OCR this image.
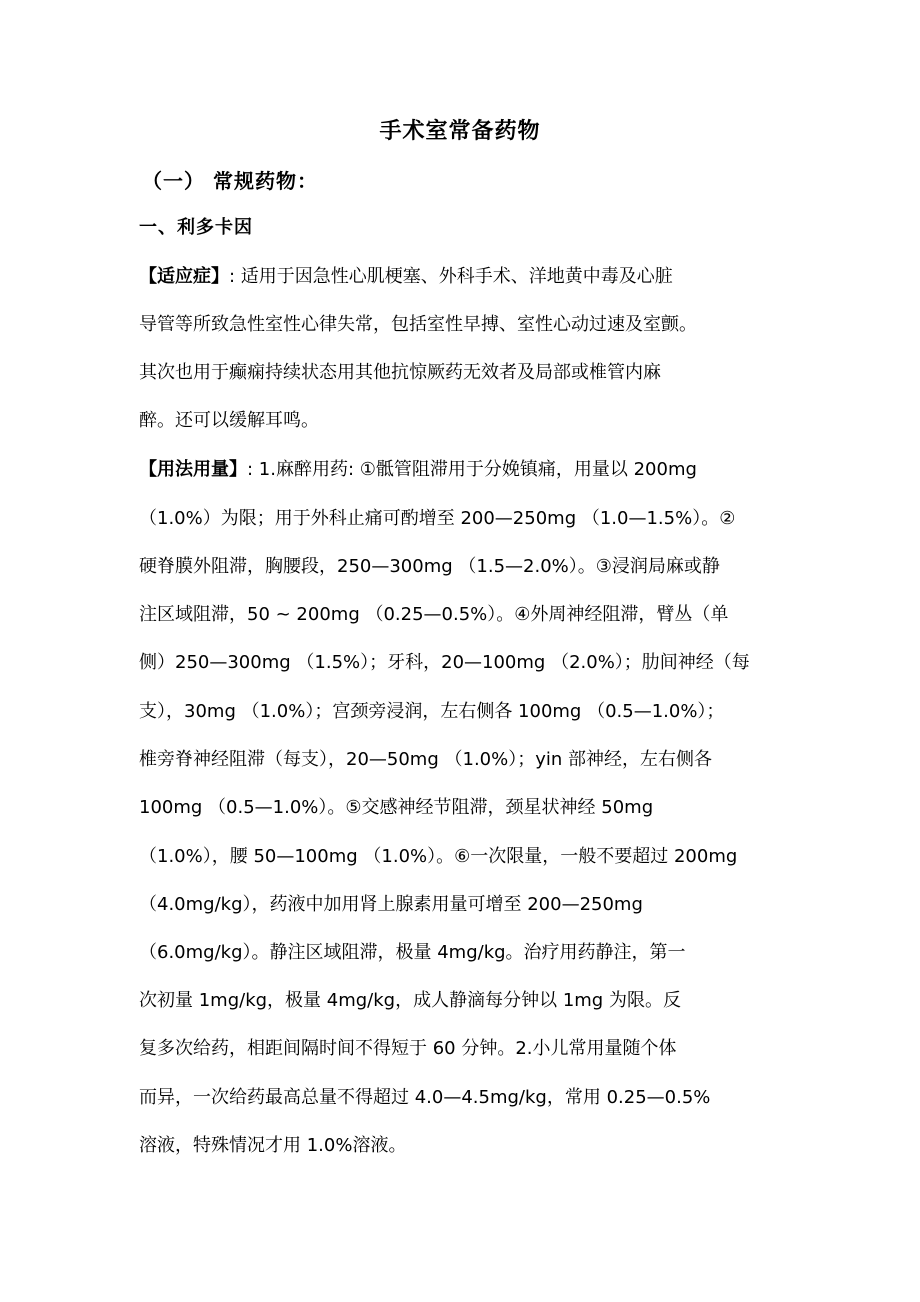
手术室常备药物
（一） 常规药物：
一、利多卡因
【适应症】: 适用于因急性心肌梗塞、外科手术、洋地黄中毒及心脏
导管等所致急性室性心律失常，包括室性早搏、室性心动过速及室颤。
其次也用于癫痫持续状态用其他抗惊厥药无效者及局部或椎管内麻
醉。还可以缓解耳鸣。
【用法用量】: 1.麻醉用药: ①骶管阻滞用于分娩镇痛，用量以 200mg
（1.0%）为限；用于外科止痛可酌增至 200—250mg （1.0—1.5%）。②
硬脊膜外阻滞，胸腰段，250—300mg （1.5—2.0%）。③浸润局麻或静
注区域阻滞，50 ~ 200mg （0.25—0.5%）。④外周神经阻滞，臂丛（单
侧）250—300mg （1.5%）；牙科，20—100mg （2.0%）；肋间神经（每
支），30mg （1.0%）；宫颈旁浸润，左右侧各 100mg （0.5—1.0%）；
椎旁脊神经阻滞（每支），20—50mg （1.0%）；yin 部神经，左右侧各
100mg （0.5—1.0%）。⑤交感神经节阻滞，颈星状神经 50mg
（1.0%），腰 50—100mg （1.0%）。⑥一次限量，一般不要超过 200mg
（4.0mg/kg），药液中加用肾上腺素用量可增至 200—250mg
（6.0mg/kg）。静注区域阻滞，极量 4mg/kg。治疗用药静注，第一
次初量 1mg/kg，极量 4mg/kg，成人静滴每分钟以 1mg 为限。反
复多次给药，相距间隔时间不得短于 60 分钟。2.小儿常用量随个体
而异，一次给药最高总量不得超过 4.0—4.5mg/kg，常用 0.25—0.5%
溶液，特殊情况才用 1.0%溶液。
